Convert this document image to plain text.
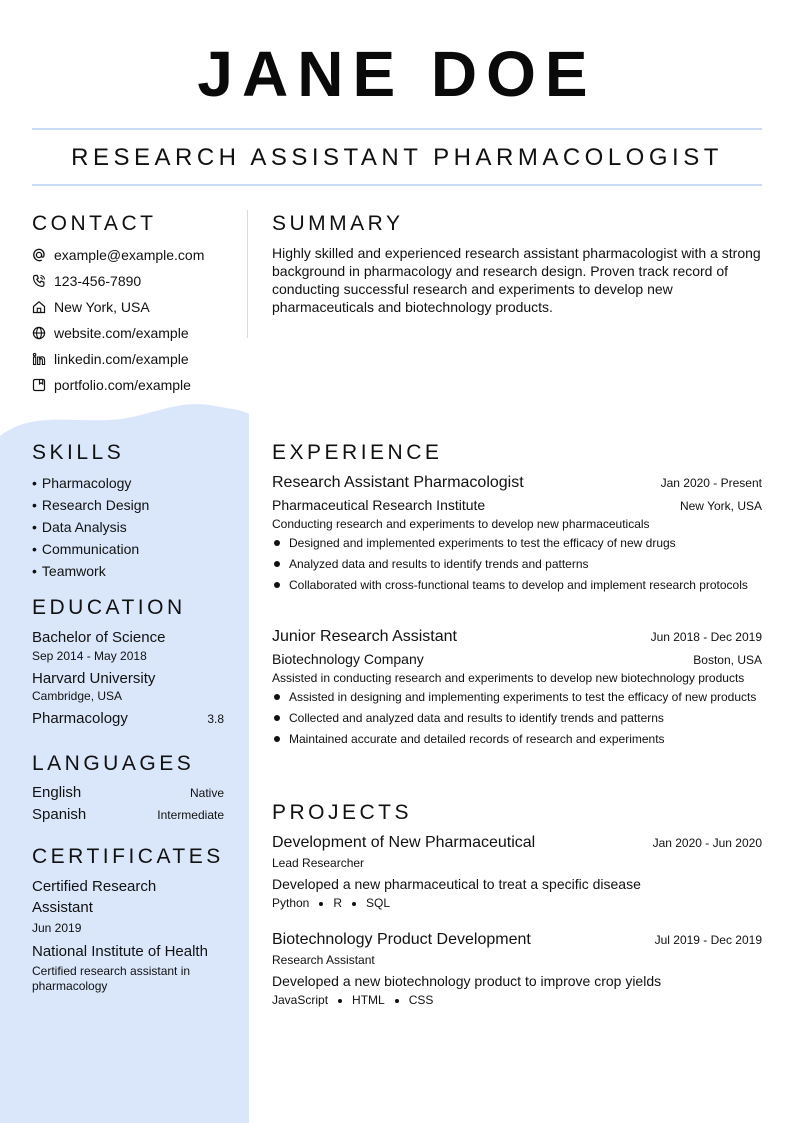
JANE DOE
RESEARCH ASSISTANT PHARMACOLOGIST
CONTACT
example@example.com
123-456-7890
New York, USA
website.com/example
linkedin.com/example
portfolio.com/example
SUMMARY
Highly skilled and experienced research assistant pharmacologist with a strong background in pharmacology and research design. Proven track record of conducting successful research and experiments to develop new pharmaceuticals and biotechnology products.
SKILLS
• Pharmacology
• Research Design
• Data Analysis
• Communication
• Teamwork
EDUCATION
Bachelor of Science
Sep 2014 - May 2018
Harvard University
Cambridge, USA
Pharmacology	3.8
LANGUAGES
English	Native
Spanish	Intermediate
CERTIFICATES
Certified Research Assistant
Jun 2019
National Institute of Health
Certified research assistant in pharmacology
EXPERIENCE
Research Assistant Pharmacologist	Jan 2020 - Present
Pharmaceutical Research Institute	New York, USA
Conducting research and experiments to develop new pharmaceuticals
Designed and implemented experiments to test the efficacy of new drugs
Analyzed data and results to identify trends and patterns
Collaborated with cross-functional teams to develop and implement research protocols
Junior Research Assistant	Jun 2018 - Dec 2019
Biotechnology Company	Boston, USA
Assisted in conducting research and experiments to develop new biotechnology products
Assisted in designing and implementing experiments to test the efficacy of new products
Collected and analyzed data and results to identify trends and patterns
Maintained accurate and detailed records of research and experiments
PROJECTS
Development of New Pharmaceutical	Jan 2020 - Jun 2020
Lead Researcher
Developed a new pharmaceutical to treat a specific disease
Python R SQL
Biotechnology Product Development	Jul 2019 - Dec 2019
Research Assistant
Developed a new biotechnology product to improve crop yields
JavaScript HTML CSS
